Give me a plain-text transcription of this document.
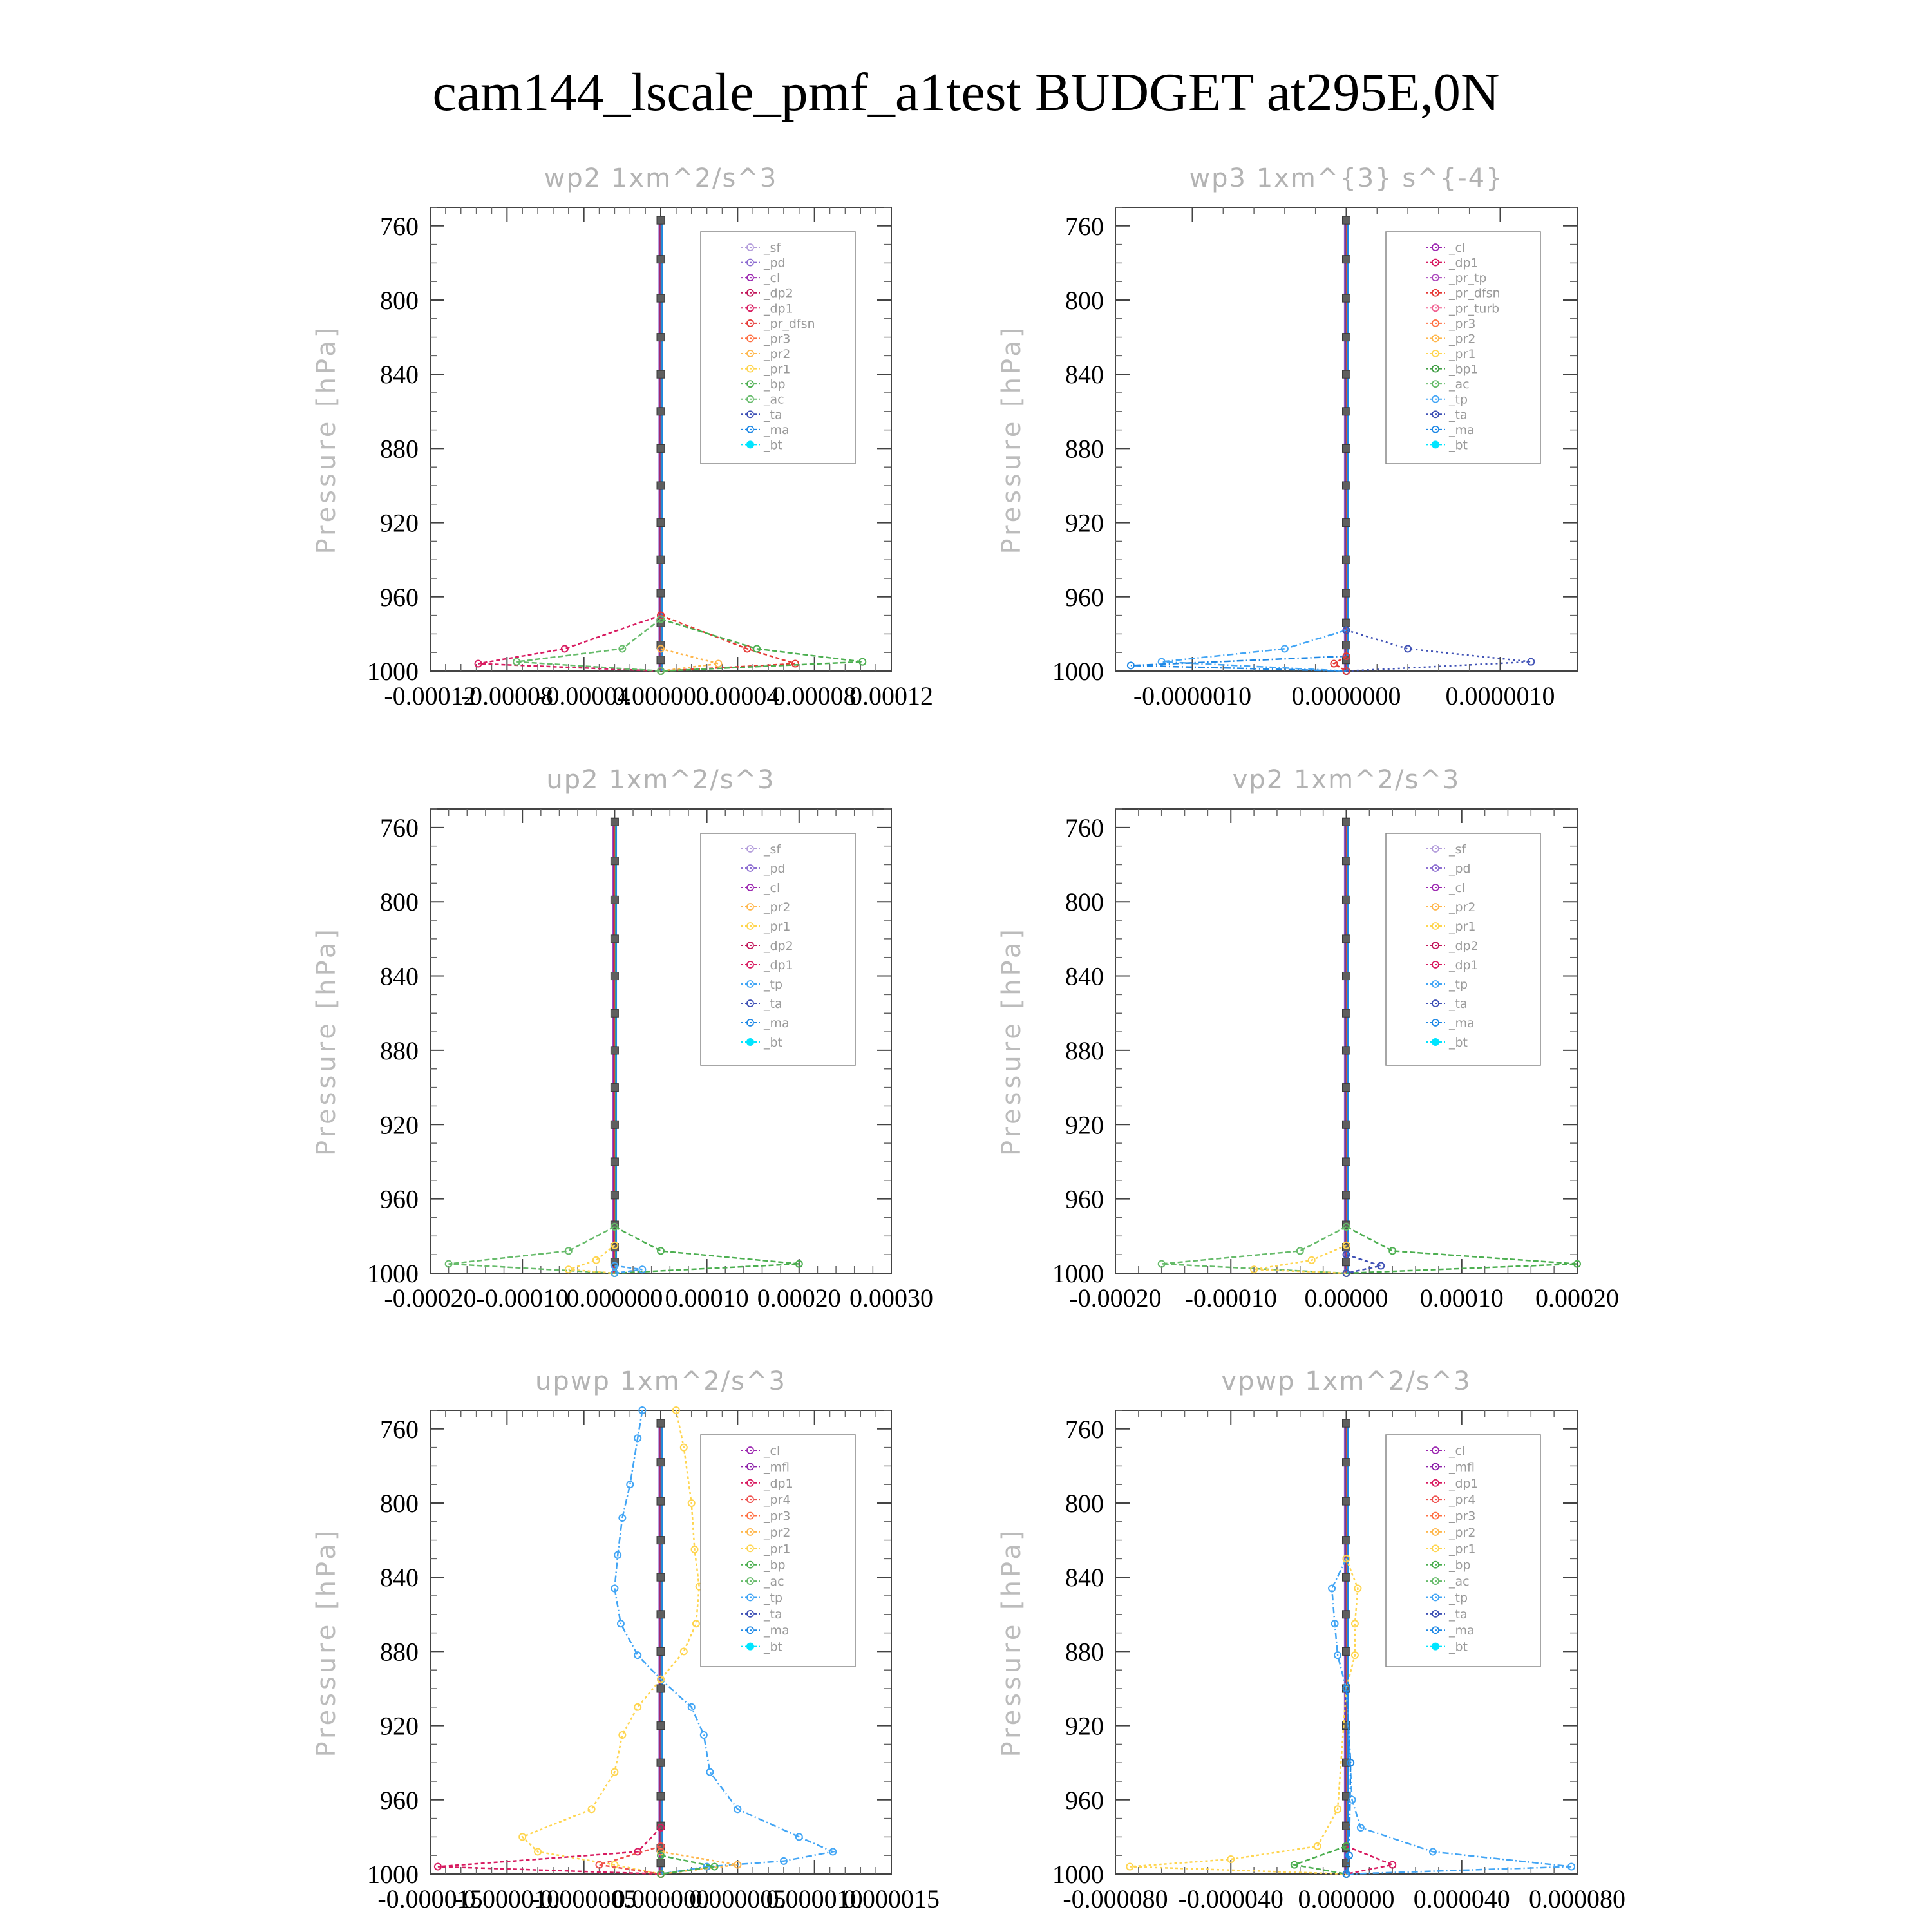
cam144_lscale_pmf_a1test BUDGET at295E,0N
wp2 1xm^2/s^3
Pressure [hPa]
760
800
840
880
920
960
1000
-0.00012
-0.00008
-0.00004
0.000000
0.00004
0.00008
0.00012
_sf
_pd
_cl
_dp2
_dp1
_pr_dfsn
_pr3
_pr2
_pr1
_bp
_ac
_ta
_ma
_bt
wp3 1xm^{3} s^{-4}
Pressure [hPa]
760
800
840
880
920
960
1000
-0.0000010 0.0000000 0.0000010
_cl
_dp1
_pr_tp
_pr_dfsn
_pr_turb
_pr3
_pr2
_pr1
_bp1
_ac
_tp
_ta
_ma
_bt
up2 1xm^2/s^3
Pressure [hPa]
760
800
840
880
920
960
1000
-0.00020 -0.00010
0.000000 0.00010 0.00020 0.00030
_sf
_pd
_cl
_pr2
_pr1
_dp2
_dp1
_tp
_ta
_ma
_bt
vp2 1xm^2/s^3
Pressure [hPa]
760
800
840
880
920
960
1000
-0.00020 -0.00010 0.00000 0.00010 0.00020
_sf
_pd
_cl
_pr2
_pr1
_dp2
_dp1
_tp
_ta
_ma
_bt
upwp 1xm^2/s^3
Pressure [hPa]
760
800
840
880
920
960
1000
-0.000015
-0.000010
-0.000005
0.000000
0.000005
0.000010
0.000015
_cl
_mfl
_dp1
_pr4
_pr3
_pr2
_pr1
_bp
_ac
_tp
_ta
_ma
_bt
vpwp 1xm^2/s^3
Pressure [hPa]
760
800
840
880
920
960
1000
-0.000080 -0.000040 0.000000 0.000040 0.000080
_cl
_mfl
_dp1
_pr4
_pr3
_pr2
_pr1
_bp
_ac
_tp
_ta
_ma
_bt
